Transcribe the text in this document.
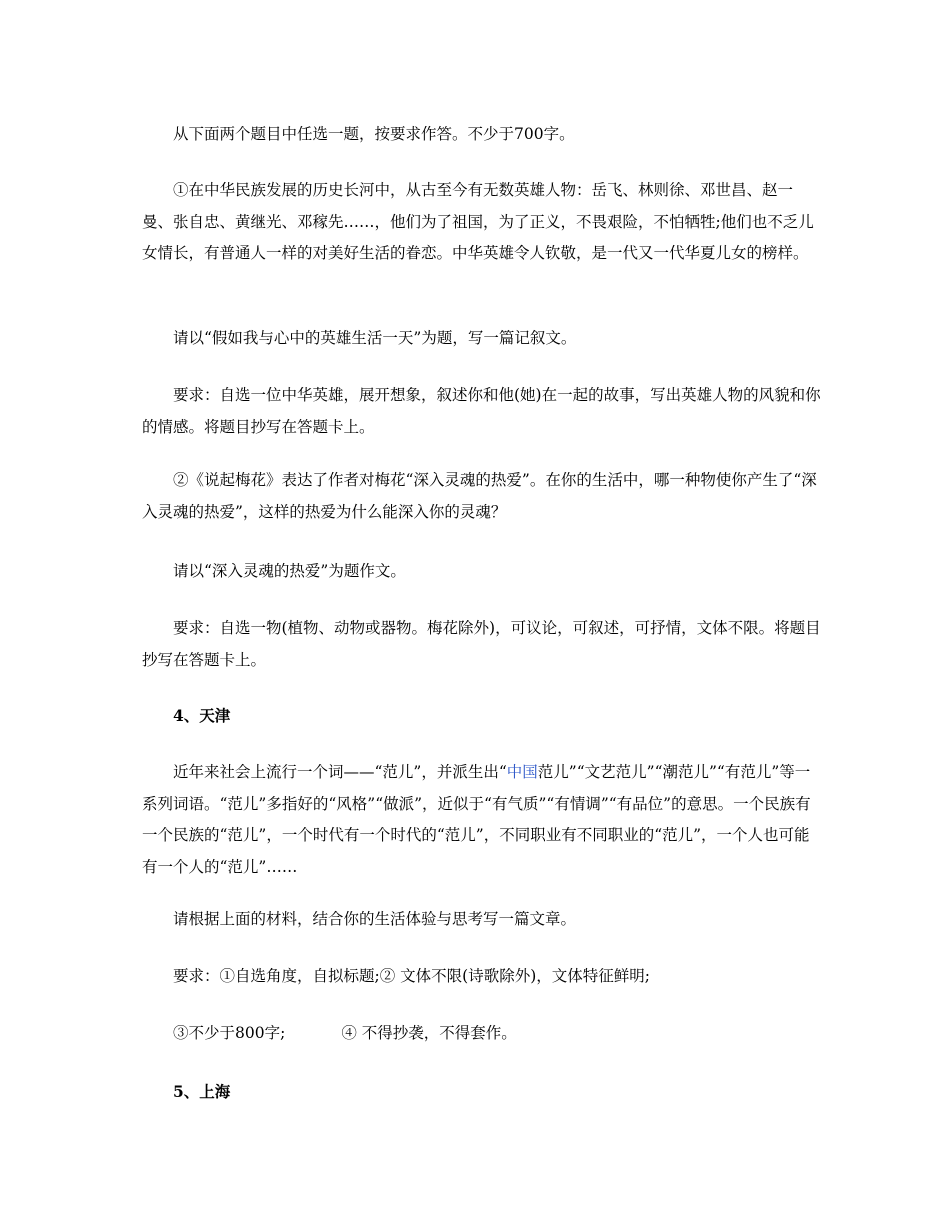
从下面两个题目中任选一题，按要求作答。不少于700字。

①在中华民族发展的历史长河中，从古至今有无数英雄人物：岳飞、林则徐、邓世昌、赵一曼、张自忠、黄继光、邓稼先……，他们为了祖国，为了正义，不畏艰险，不怕牺牲;他们也不乏儿女情长，有普通人一样的对美好生活的眷恋。中华英雄令人钦敬，是一代又一代华夏儿女的榜样。

请以“假如我与心中的英雄生活一天”为题，写一篇记叙文。

要求：自选一位中华英雄，展开想象，叙述你和他(她)在一起的故事，写出英雄人物的风貌和你的情感。将题目抄写在答题卡上。

②《说起梅花》表达了作者对梅花“深入灵魂的热爱”。在你的生活中，哪一种物使你产生了“深入灵魂的热爱”，这样的热爱为什么能深入你的灵魂？

请以“深入灵魂的热爱”为题作文。

要求：自选一物(植物、动物或器物。梅花除外)，可议论，可叙述，可抒情，文体不限。将题目抄写在答题卡上。

4、天津

近年来社会上流行一个词——“范儿”，并派生出“中国范儿”“文艺范儿”“潮范儿”“有范儿”等一系列词语。“范儿”多指好的“风格”“做派”，近似于“有气质”“有情调”“有品位”的意思。一个民族有一个民族的“范儿”，一个时代有一个时代的“范儿”，不同职业有不同职业的“范儿”，一个人也可能有一个人的“范儿”……

请根据上面的材料，结合你的生活体验与思考写一篇文章。

要求：①自选角度，自拟标题;② 文体不限(诗歌除外)，文体特征鲜明;

③不少于800字;	④ 不得抄袭，不得套作。

5、上海
